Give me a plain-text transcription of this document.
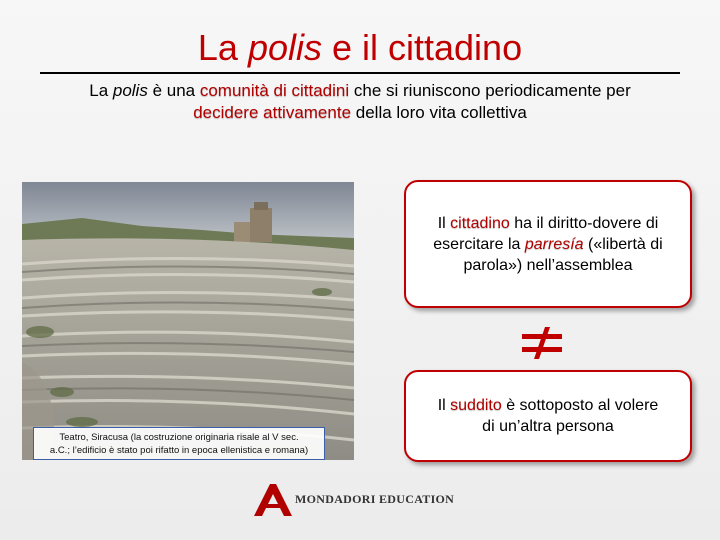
La polis e il cittadino
La polis è una comunità di cittadini che si riuniscono periodicamente per
decidere attivamente della loro vita collettiva
Teatro, Siracusa (la costruzione originaria risale al V sec.
a.C.; l’edificio è stato poi rifatto in epoca ellenistica e romana)
Il cittadino ha il diritto-dovere di
esercitare la parresía («libertà di
parola») nell’assemblea
Il suddito è sottoposto al volere
di un’altra persona
MONDADORI EDUCATION
